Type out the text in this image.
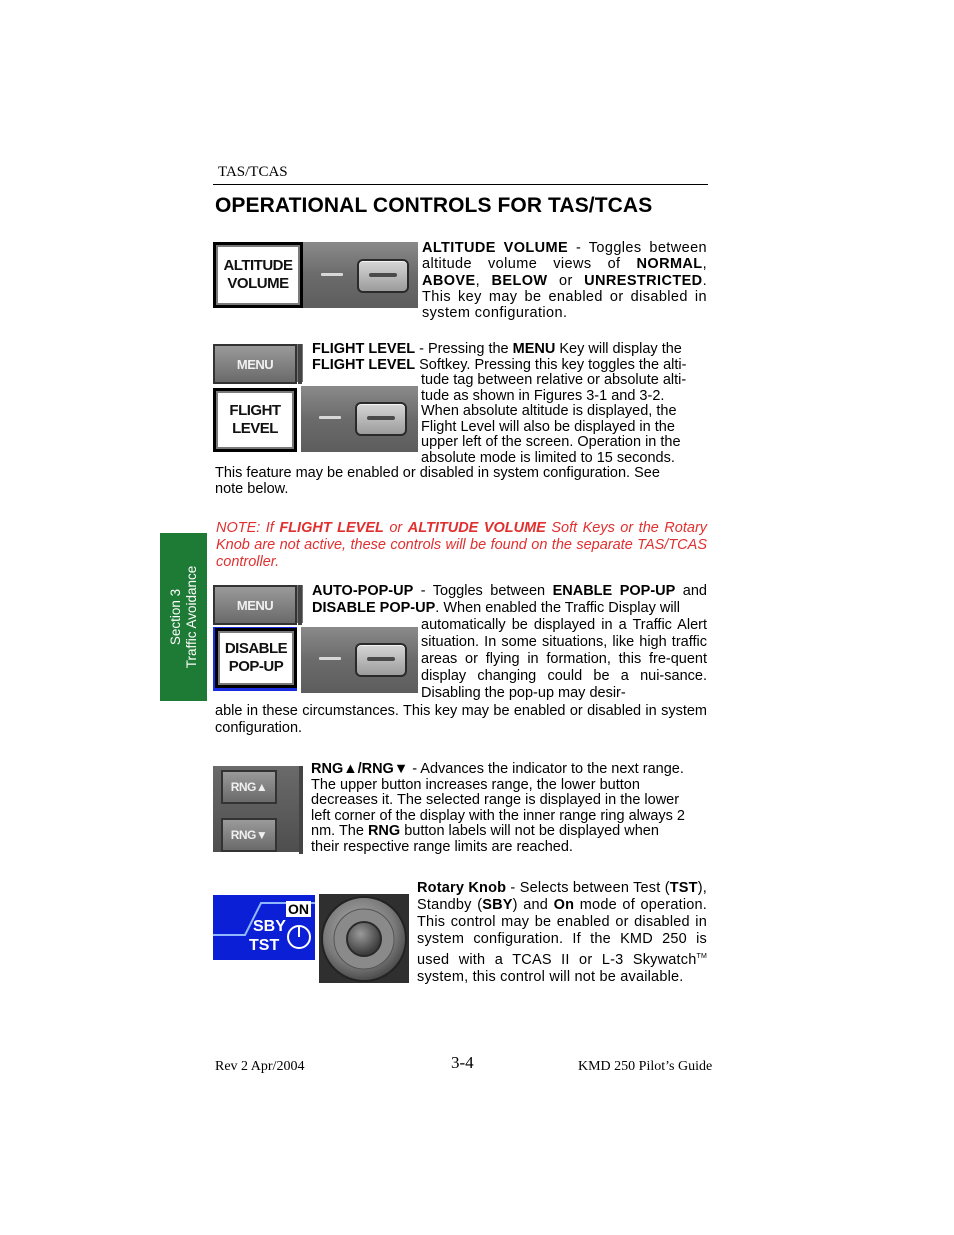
TAS/TCAS
OPERATIONAL CONTROLS FOR TAS/TCAS
Section 3 Traffic Avoidance
ALTITUDE
VOLUME
ALTITUDE VOLUME - Toggles between altitude volume views of NORMAL, ABOVE, BELOW or UNRESTRICTED. This key may be enabled or disabled in system configuration.
MENU
FLIGHT
LEVEL
FLIGHT LEVEL - Pressing the MENU Key will display the
FLIGHT LEVEL Softkey. Pressing this key toggles the alti-
tude tag between relative or absolute alti-
tude as shown in Figures 3-1 and 3-2.
When absolute altitude is displayed, the
Flight Level will also be displayed in the
upper left of the screen. Operation in the
absolute mode is limited to 15 seconds.
This feature may be enabled or disabled in system configuration. See note below.
NOTE: If FLIGHT LEVEL or ALTITUDE VOLUME Soft Keys or the Rotary Knob are not active, these controls will be found on the separate TAS/TCAS controller.
MENU
DISABLE
POP-UP
AUTO-POP-UP - Toggles between ENABLE POP-UP and DISABLE POP-UP. When enabled the Traffic Display will
automatically be displayed in a Traffic Alert situation. In some situations, like high traffic areas or flying in formation, this fre-quent display changing could be a nui-sance. Disabling the pop-up may desir-
able in these circumstances. This key may be enabled or disabled in system configuration.
RNG▲
RNG▼
RNG▲/RNG▼ - Advances the indicator to the next range.
The upper button increases range, the lower button
decreases it. The selected range is displayed in the lower
left corner of the display with the inner range ring always 2
nm. The RNG button labels will not be displayed when
their respective range limits are reached.
ON
SBY
TST
Rotary Knob - Selects between Test (TST), Standby (SBY) and On mode of operation. This control may be enabled or disabled in system configuration. If the KMD 250 is used with a TCAS II or L-3 Skywatch™ system, this control will not be available.
Rev 2 Apr/2004	3-4	KMD 250 Pilot’s Guide
